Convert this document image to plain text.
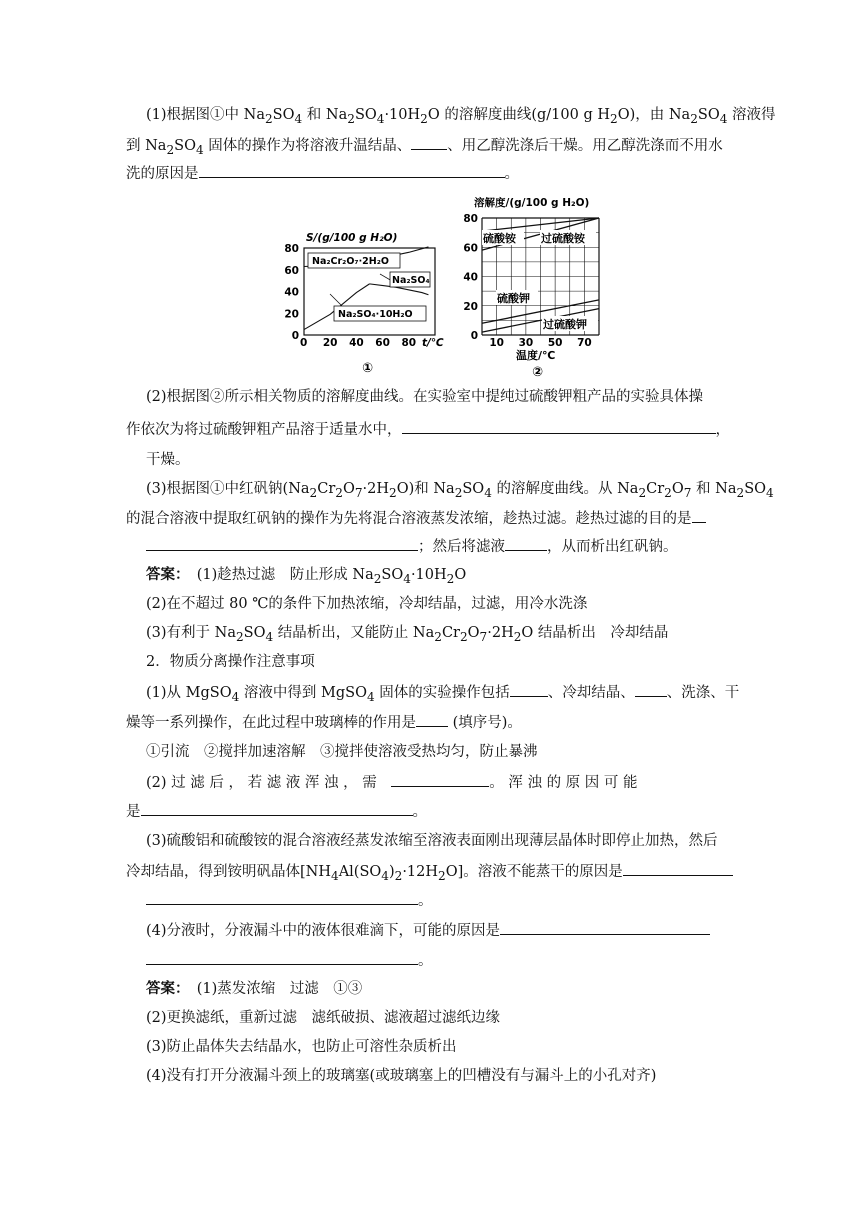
(1)根据图①中 $Na_2SO_4$ 和 $Na_2SO_4\cdot 10H_2O$ 的溶解度曲线(g/100 g $H_2O$)，由 $Na_2SO_4$ 溶液得
到 $Na_2SO_4$ 固体的操作为将溶液升温结晶、 、用乙醇洗涤后干燥。用乙醇洗涤而不用水
洗的原因是	。
S/(g/100 g H₂O)
80
60
40
20
0
0 20 40 60 80 t/℃
Na₂Cr₂O₇·2H₂O
Na₂SO₄
Na₂SO₄·10H₂O
①
溶解度/(g/100 g H₂O)
80
60
40
20
0
10 30 50 70
硫酸铵 过硫酸铵
硫酸钾
过硫酸钾
温度/℃
②
(2)根据图②所示相关物质的溶解度曲线。在实验室中提纯过硫酸钾粗产品的实验具体操
作依次为将过硫酸钾粗产品溶于适量水中，	，
干燥。
(3)根据图①中红矾钠$(Na_2Cr_2O_7\cdot 2H_2O)$和 $Na_2SO_4$ 的溶解度曲线。从 $Na_2Cr_2O_7$ 和 $Na_2SO_4$
的混合溶液中提取红矾钠的操作为先将混合溶液蒸发浓缩，趁热过滤。趁热过滤的目的是
；然后将滤液	，从而析出红矾钠。
答案：　 (1)趁热过滤　防止形成 $Na_2SO_4\cdot 10H_2O$
(2)在不超过 80 ℃的条件下加热浓缩，冷却结晶，过滤，用冷水洗涤
(3)有利于 $Na_2SO_4$ 结晶析出，又能防止 $Na_2Cr_2O_7\cdot 2H_2O$ 结晶析出　冷却结晶
2．物质分离操作注意事项
(1)从 MgSO$_4$ 溶液中得到 MgSO$_4$ 固体的实验操作包括	、冷却结晶、 、洗涤、干
燥等一系列操作，在此过程中玻璃棒的作用是 (填序号)。
①引流　②搅拌加速溶解　③搅拌使溶液受热均匀，防止暴沸
(2) 过 滤 后 ， 若 滤 液 浑 浊 ， 需　	。 浑 浊 的 原 因 可 能
是	。
(3)硫酸铝和硫酸铵的混合溶液经蒸发浓缩至溶液表面刚出现薄层晶体时即停止加热，然后
冷却结晶，得到铵明矾晶体$[NH_4Al(SO_4)_2\cdot 12H_2O]$。溶液不能蒸干的原因是
。
(4)分液时，分液漏斗中的液体很难滴下，可能的原因是
。
答案：　 (1)蒸发浓缩　过滤　①③
(2)更换滤纸，重新过滤　滤纸破损、滤液超过滤纸边缘
(3)防止晶体失去结晶水，也防止可溶性杂质析出
(4)没有打开分液漏斗颈上的玻璃塞(或玻璃塞上的凹槽没有与漏斗上的小孔对齐)
